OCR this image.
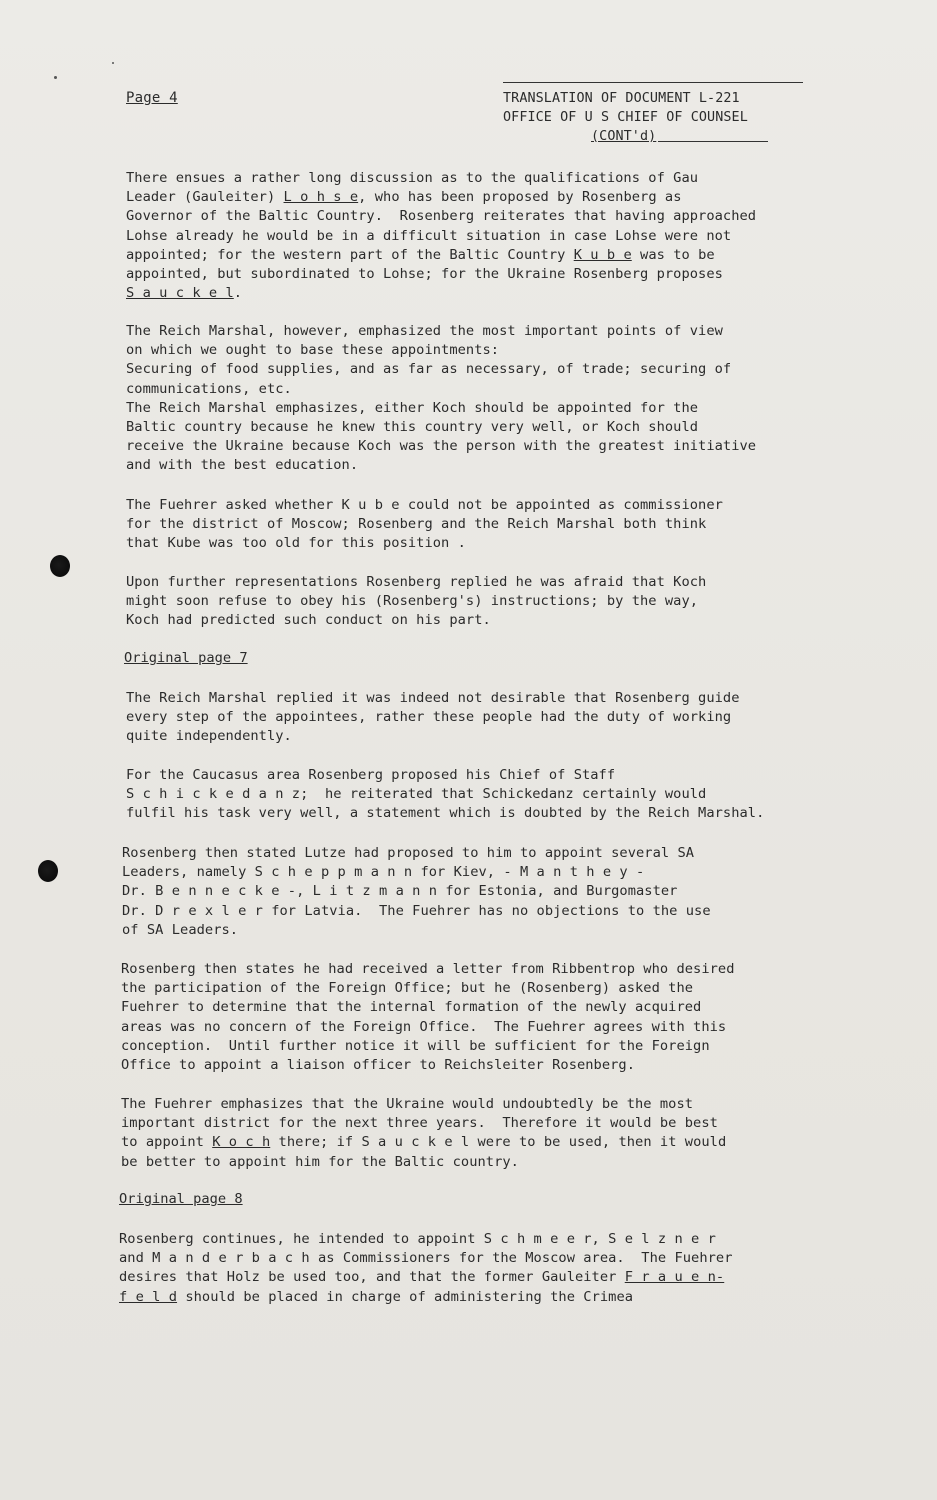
Page 4	TRANSLATION OF DOCUMENT L-221
OFFICE OF U S CHIEF OF COUNSEL
(CONT'd)
There ensues a rather long discussion as to the qualifications of Gau
Leader (Gauleiter) L o h s e, who has been proposed by Rosenberg as
Governor of the Baltic Country.  Rosenberg reiterates that having approached
Lohse already he would be in a difficult situation in case Lohse were not
appointed; for the western part of the Baltic Country K u b e was to be
appointed, but subordinated to Lohse; for the Ukraine Rosenberg proposes
S a u c k e l.
The Reich Marshal, however, emphasized the most important points of view
on which we ought to base these appointments:
Securing of food supplies, and as far as necessary, of trade; securing of
communications, etc.
The Reich Marshal emphasizes, either Koch should be appointed for the
Baltic country because he knew this country very well, or Koch should
receive the Ukraine because Koch was the person with the greatest initiative
and with the best education.
The Fuehrer asked whether K u b e could not be appointed as commissioner
for the district of Moscow; Rosenberg and the Reich Marshal both think
that Kube was too old for this position .
Upon further representations Rosenberg replied he was afraid that Koch
might soon refuse to obey his (Rosenberg's) instructions; by the way,
Koch had predicted such conduct on his part.
Original page 7
The Reich Marshal replied it was indeed not desirable that Rosenberg guide
every step of the appointees, rather these people had the duty of working
quite independently.
For the Caucasus area Rosenberg proposed his Chief of Staff
S c h i c k e d a n z;  he reiterated that Schickedanz certainly would
fulfil his task very well, a statement which is doubted by the Reich Marshal.
Rosenberg then stated Lutze had proposed to him to appoint several SA
Leaders, namely S c h e p p m a n n for Kiev, - M a n t h e y -
Dr. B e n n e c k e -, L i t z m a n n for Estonia, and Burgomaster
Dr. D r e x l e r for Latvia.  The Fuehrer has no objections to the use
of SA Leaders.
Rosenberg then states he had received a letter from Ribbentrop who desired
the participation of the Foreign Office; but he (Rosenberg) asked the
Fuehrer to determine that the internal formation of the newly acquired
areas was no concern of the Foreign Office.  The Fuehrer agrees with this
conception.  Until further notice it will be sufficient for the Foreign
Office to appoint a liaison officer to Reichsleiter Rosenberg.
The Fuehrer emphasizes that the Ukraine would undoubtedly be the most
important district for the next three years.  Therefore it would be best
to appoint K o c h there; if S a u c k e l were to be used, then it would
be better to appoint him for the Baltic country.
Original page 8
Rosenberg continues, he intended to appoint S c h m e e r, S e l z n e r
and M a n d e r b a c h as Commissioners for the Moscow area.  The Fuehrer
desires that Holz be used too, and that the former Gauleiter F r a u e n-
f e l d should be placed in charge of administering the Crimea
